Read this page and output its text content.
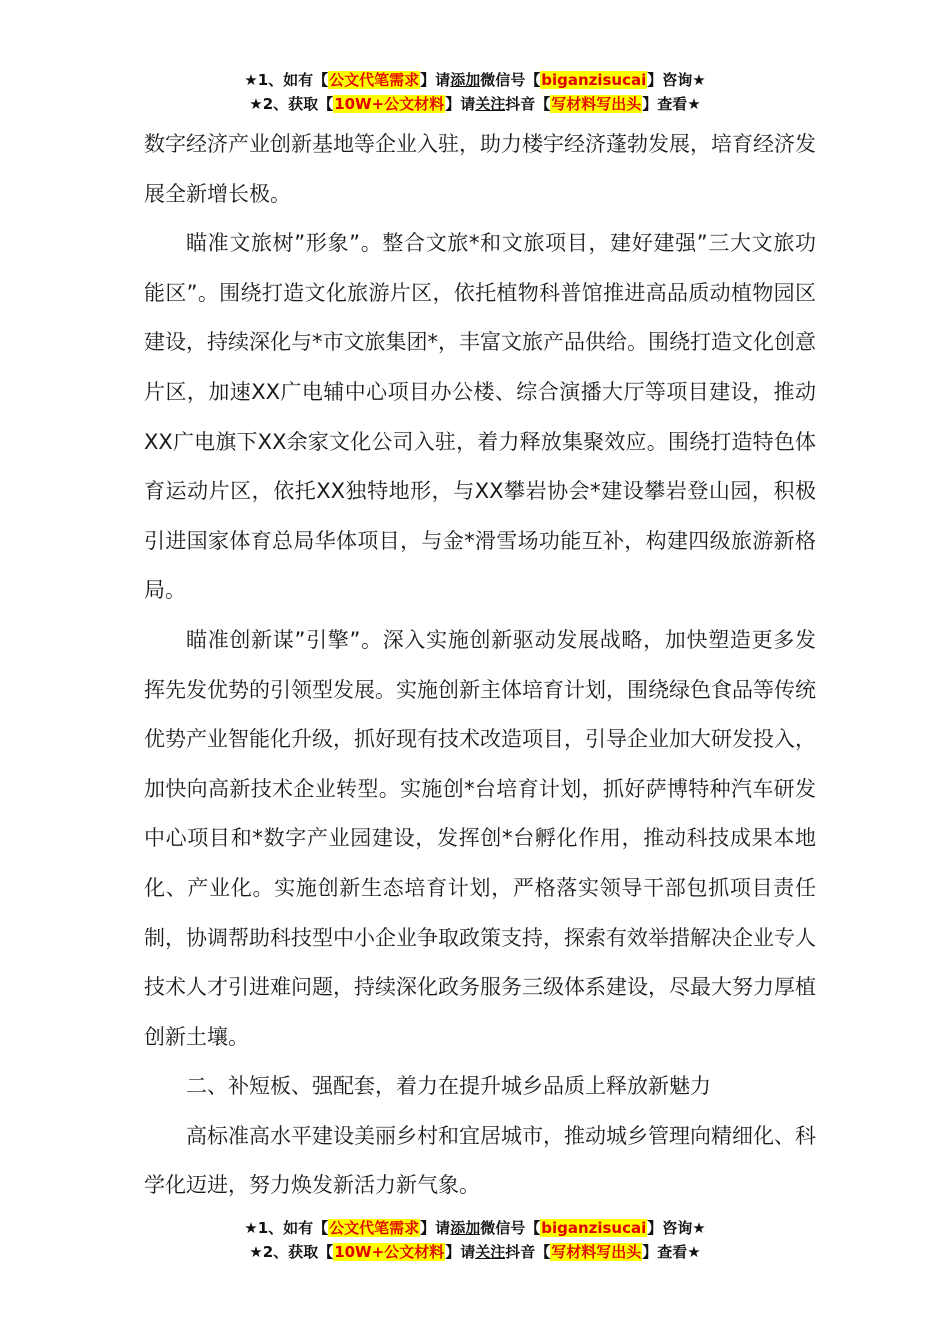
★1、如有【公文代笔需求】请添加微信号【biganzisucai】咨询★
★2、获取【10W+公文材料】请关注抖音【写材料写出头】查看★

数字经济产业创新基地等企业入驻，助力楼宇经济蓬勃发展，培育经济发展全新增长极。

瞄准文旅树”形象”。整合文旅*和文旅项目，建好建强”三大文旅功能区”。围绕打造文化旅游片区，依托植物科普馆推进高品质动植物园区建设，持续深化与*市文旅集团*，丰富文旅产品供给。围绕打造文化创意片区，加速XX广电辅中心项目办公楼、综合演播大厅等项目建设，推动XX广电旗下XX余家文化公司入驻，着力释放集聚效应。围绕打造特色体育运动片区，依托XX独特地形，与XX攀岩协会*建设攀岩登山园，积极引进国家体育总局华体项目，与金*滑雪场功能互补，构建四级旅游新格局。

瞄准创新谋”引擎”。深入实施创新驱动发展战略，加快塑造更多发挥先发优势的引领型发展。实施创新主体培育计划，围绕绿色食品等传统优势产业智能化升级，抓好现有技术改造项目，引导企业加大研发投入，加快向高新技术企业转型。实施创*台培育计划，抓好萨博特种汽车研发中心项目和*数字产业园建设，发挥创*台孵化作用，推动科技成果本地化、产业化。实施创新生态培育计划，严格落实领导干部包抓项目责任制，协调帮助科技型中小企业争取政策支持，探索有效举措解决企业专人技术人才引进难问题，持续深化政务服务三级体系建设，尽最大努力厚植创新土壤。

二、补短板、强配套，着力在提升城乡品质上释放新魅力

高标准高水平建设美丽乡村和宜居城市，推动城乡管理向精细化、科学化迈进，努力焕发新活力新气象。

★1、如有【公文代笔需求】请添加微信号【biganzisucai】咨询★
★2、获取【10W+公文材料】请关注抖音【写材料写出头】查看★
